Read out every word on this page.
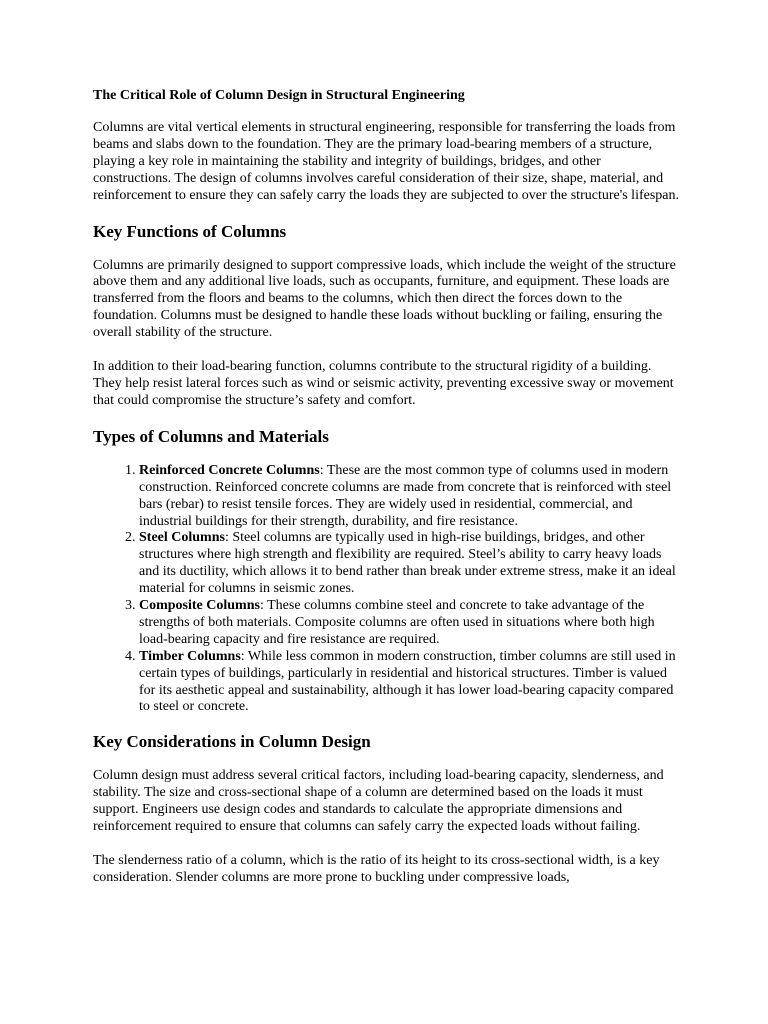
The Critical Role of Column Design in Structural Engineering

Columns are vital vertical elements in structural engineering, responsible for transferring the loads from beams and slabs down to the foundation. They are the primary load-bearing members of a structure, playing a key role in maintaining the stability and integrity of buildings, bridges, and other constructions. The design of columns involves careful consideration of their size, shape, material, and reinforcement to ensure they can safely carry the loads they are subjected to over the structure's lifespan.

Key Functions of Columns

Columns are primarily designed to support compressive loads, which include the weight of the structure above them and any additional live loads, such as occupants, furniture, and equipment. These loads are transferred from the floors and beams to the columns, which then direct the forces down to the foundation. Columns must be designed to handle these loads without buckling or failing, ensuring the overall stability of the structure.

In addition to their load-bearing function, columns contribute to the structural rigidity of a building. They help resist lateral forces such as wind or seismic activity, preventing excessive sway or movement that could compromise the structure’s safety and comfort.

Types of Columns and Materials
1. Reinforced Concrete Columns: These are the most common type of columns used in modern construction. Reinforced concrete columns are made from concrete that is reinforced with steel bars (rebar) to resist tensile forces. They are widely used in residential, commercial, and industrial buildings for their strength, durability, and fire resistance.
2. Steel Columns: Steel columns are typically used in high-rise buildings, bridges, and other structures where high strength and flexibility are required. Steel’s ability to carry heavy loads and its ductility, which allows it to bend rather than break under extreme stress, make it an ideal material for columns in seismic zones.
3. Composite Columns: These columns combine steel and concrete to take advantage of the strengths of both materials. Composite columns are often used in situations where both high load-bearing capacity and fire resistance are required.
4. Timber Columns: While less common in modern construction, timber columns are still used in certain types of buildings, particularly in residential and historical structures. Timber is valued for its aesthetic appeal and sustainability, although it has lower load-bearing capacity compared to steel or concrete.
Key Considerations in Column Design

Column design must address several critical factors, including load-bearing capacity, slenderness, and stability. The size and cross-sectional shape of a column are determined based on the loads it must support. Engineers use design codes and standards to calculate the appropriate dimensions and reinforcement required to ensure that columns can safely carry the expected loads without failing.

The slenderness ratio of a column, which is the ratio of its height to its cross-sectional width, is a key consideration. Slender columns are more prone to buckling under compressive loads,
